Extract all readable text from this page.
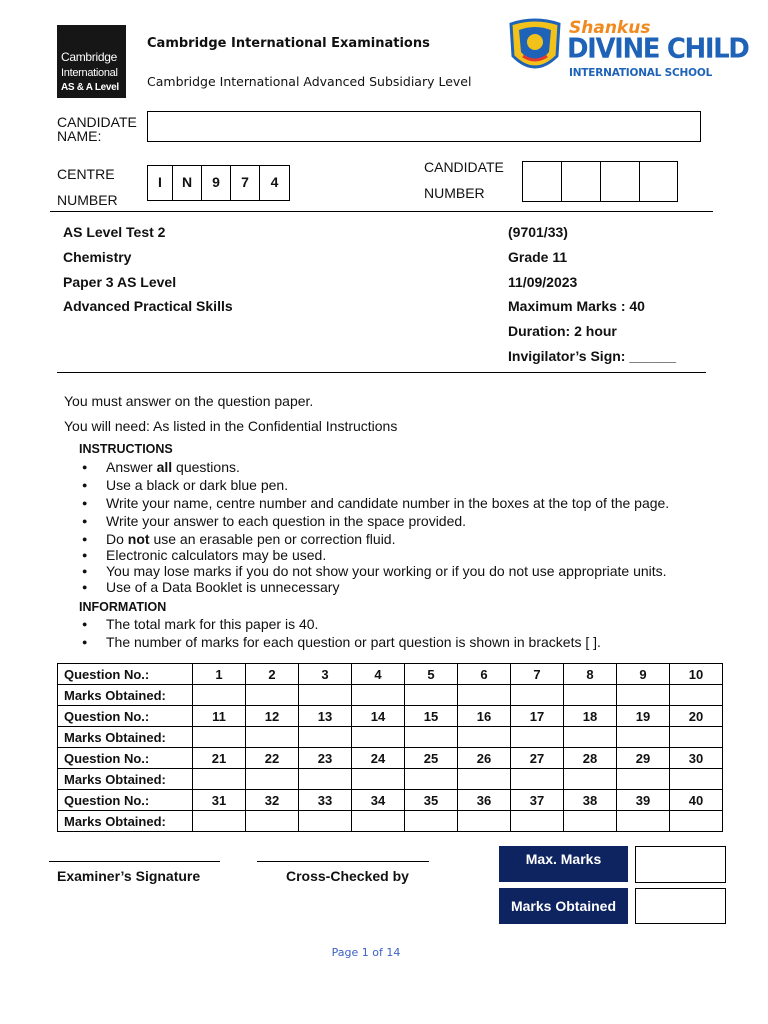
Cambridge
International
AS & A Level
Cambridge International Examinations
Cambridge International Advanced Subsidiary Level
Shankus
DIVINE CHILD
INTERNATIONAL SCHOOL
CANDIDATE
NAME:
CENTRE
NUMBER
I	N	9	7	4
CANDIDATE
NUMBER
AS Level Test 2
Chemistry
Paper 3 AS Level
Advanced Practical Skills
(9701/33)
Grade 11
11/09/2023
Maximum Marks : 40
Duration: 2 hour
Invigilator’s Sign: ______
You must answer on the question paper.
You will need: As listed in the Confidential Instructions
INSTRUCTIONS
● Answer all questions.
● Use a black or dark blue pen.
● Write your name, centre number and candidate number in the boxes at the top of the page.
● Write your answer to each question in the space provided.
● Do not use an erasable pen or correction fluid.
● Electronic calculators may be used.
● You may lose marks if you do not show your working or if you do not use appropriate units.
● Use of a Data Booklet is unnecessary
INFORMATION
● The total mark for this paper is 40.
● The number of marks for each question or part question is shown in brackets [ ].
Question No.:	1	2	3	4	5	6	7	8	9	10
Marks Obtained:										
Question No.:	11	12	13	14	15	16	17	18	19	20
Marks Obtained:										
Question No.:	21	22	23	24	25	26	27	28	29	30
Marks Obtained:										
Question No.:	31	32	33	34	35	36	37	38	39	40
Marks Obtained:										
Examiner’s Signature	Cross-Checked by
Max. Marks
Marks Obtained
Page 1 of 14
